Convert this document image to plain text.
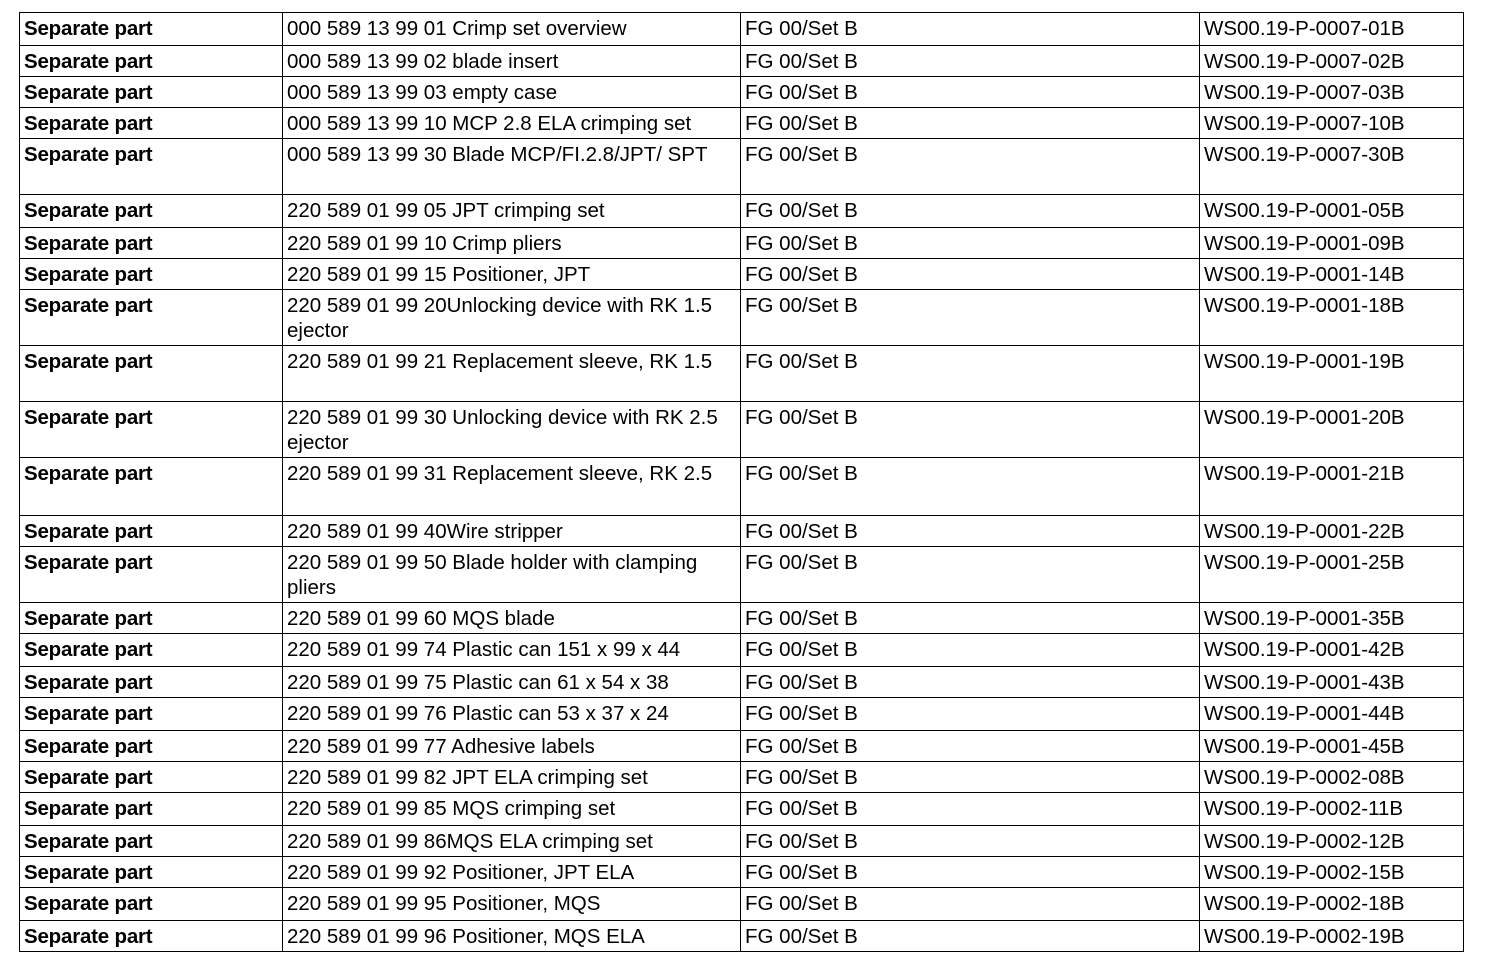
Separate part	000 589 13 99 01 Crimp set overview	FG 00/Set B	WS00.19-P-0007-01B
Separate part	000 589 13 99 02 blade insert	FG 00/Set B	WS00.19-P-0007-02B
Separate part	000 589 13 99 03 empty case	FG 00/Set B	WS00.19-P-0007-03B
Separate part	000 589 13 99 10 MCP 2.8 ELA crimping set	FG 00/Set B	WS00.19-P-0007-10B
Separate part	000 589 13 99 30 Blade MCP/FI.2.8/JPT/ SPT	FG 00/Set B	WS00.19-P-0007-30B
Separate part	220 589 01 99 05 JPT crimping set	FG 00/Set B	WS00.19-P-0001-05B
Separate part	220 589 01 99 10 Crimp pliers	FG 00/Set B	WS00.19-P-0001-09B
Separate part	220 589 01 99 15 Positioner, JPT	FG 00/Set B	WS00.19-P-0001-14B
Separate part	220 589 01 99 20Unlocking device with RK 1.5 ejector	FG 00/Set B	WS00.19-P-0001-18B
Separate part	220 589 01 99 21 Replacement sleeve, RK 1.5	FG 00/Set B	WS00.19-P-0001-19B
Separate part	220 589 01 99 30 Unlocking device with RK 2.5 ejector	FG 00/Set B	WS00.19-P-0001-20B
Separate part	220 589 01 99 31 Replacement sleeve, RK 2.5	FG 00/Set B	WS00.19-P-0001-21B
Separate part	220 589 01 99 40Wire stripper	FG 00/Set B	WS00.19-P-0001-22B
Separate part	220 589 01 99 50 Blade holder with clamping pliers	FG 00/Set B	WS00.19-P-0001-25B
Separate part	220 589 01 99 60 MQS blade	FG 00/Set B	WS00.19-P-0001-35B
Separate part	220 589 01 99 74 Plastic can 151 x 99 x 44	FG 00/Set B	WS00.19-P-0001-42B
Separate part	220 589 01 99 75 Plastic can 61 x 54 x 38	FG 00/Set B	WS00.19-P-0001-43B
Separate part	220 589 01 99 76 Plastic can 53 x 37 x 24	FG 00/Set B	WS00.19-P-0001-44B
Separate part	220 589 01 99 77 Adhesive labels	FG 00/Set B	WS00.19-P-0001-45B
Separate part	220 589 01 99 82 JPT ELA crimping set	FG 00/Set B	WS00.19-P-0002-08B
Separate part	220 589 01 99 85 MQS crimping set	FG 00/Set B	WS00.19-P-0002-11B
Separate part	220 589 01 99 86MQS ELA crimping set	FG 00/Set B	WS00.19-P-0002-12B
Separate part	220 589 01 99 92 Positioner, JPT ELA	FG 00/Set B	WS00.19-P-0002-15B
Separate part	220 589 01 99 95 Positioner, MQS	FG 00/Set B	WS00.19-P-0002-18B
Separate part	220 589 01 99 96 Positioner, MQS ELA	FG 00/Set B	WS00.19-P-0002-19B
